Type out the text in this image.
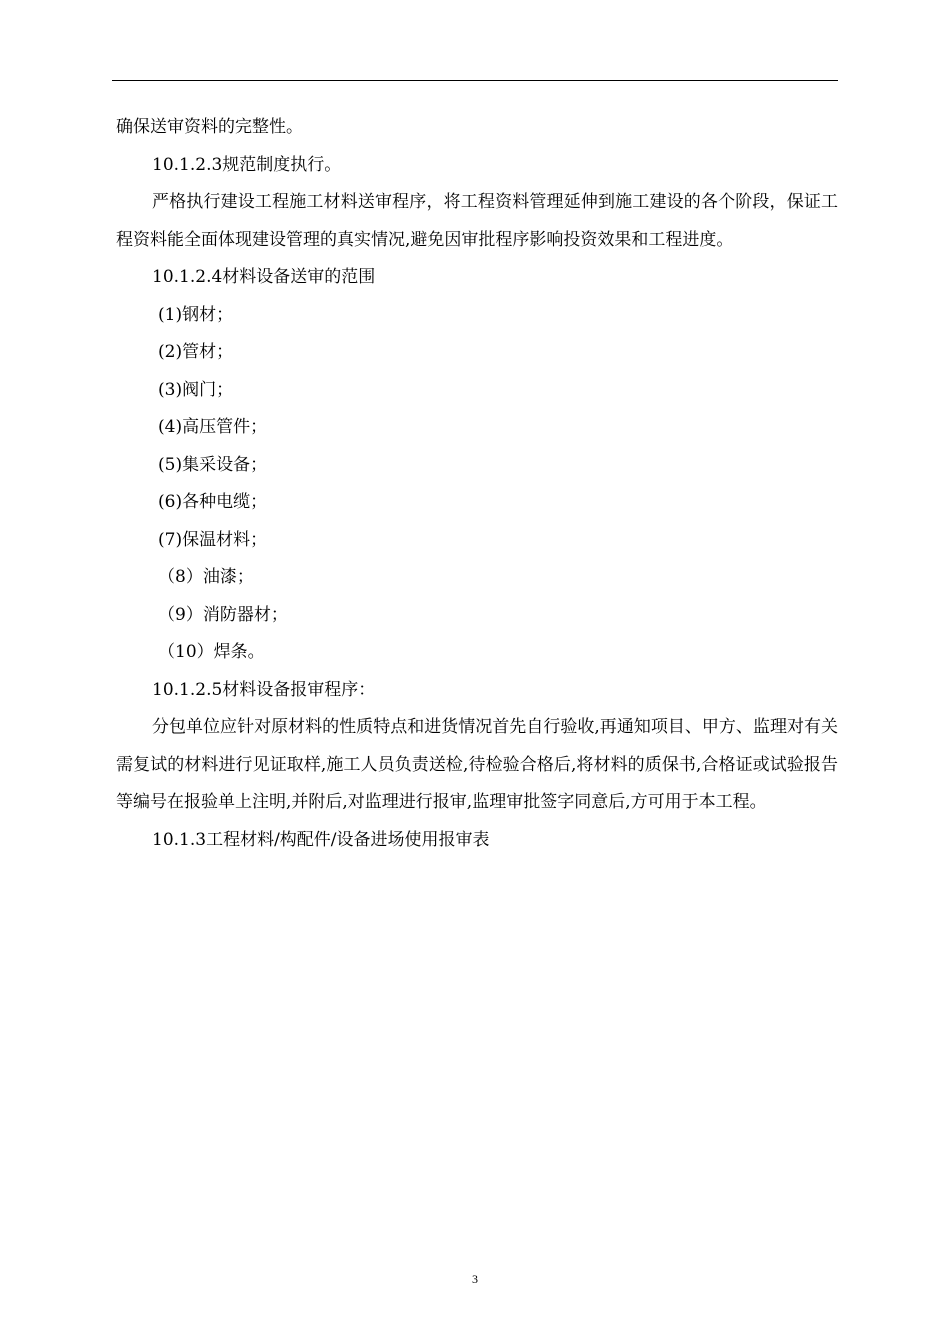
确保送审资料的完整性。

10.1.2.3规范制度执行。

严格执行建设工程施工材料送审程序，将工程资料管理延伸到施工建设的各个阶段，保证工程资料能全面体现建设管理的真实情况,避免因审批程序影响投资效果和工程进度。

10.1.2.4材料设备送审的范围

(1)钢材；

(2)管材；

(3)阀门；

(4)高压管件；

(5)集采设备；

(6)各种电缆；

(7)保温材料；

（8）油漆；

（9）消防器材；

（10）焊条。

10.1.2.5材料设备报审程序：

分包单位应针对原材料的性质特点和进货情况首先自行验收,再通知项目、甲方、监理对有关需复试的材料进行见证取样,施工人员负责送检,待检验合格后,将材料的质保书,合格证或试验报告等编号在报验单上注明,并附后,对监理进行报审,监理审批签字同意后,方可用于本工程。

10.1.3工程材料/构配件/设备进场使用报审表

3
